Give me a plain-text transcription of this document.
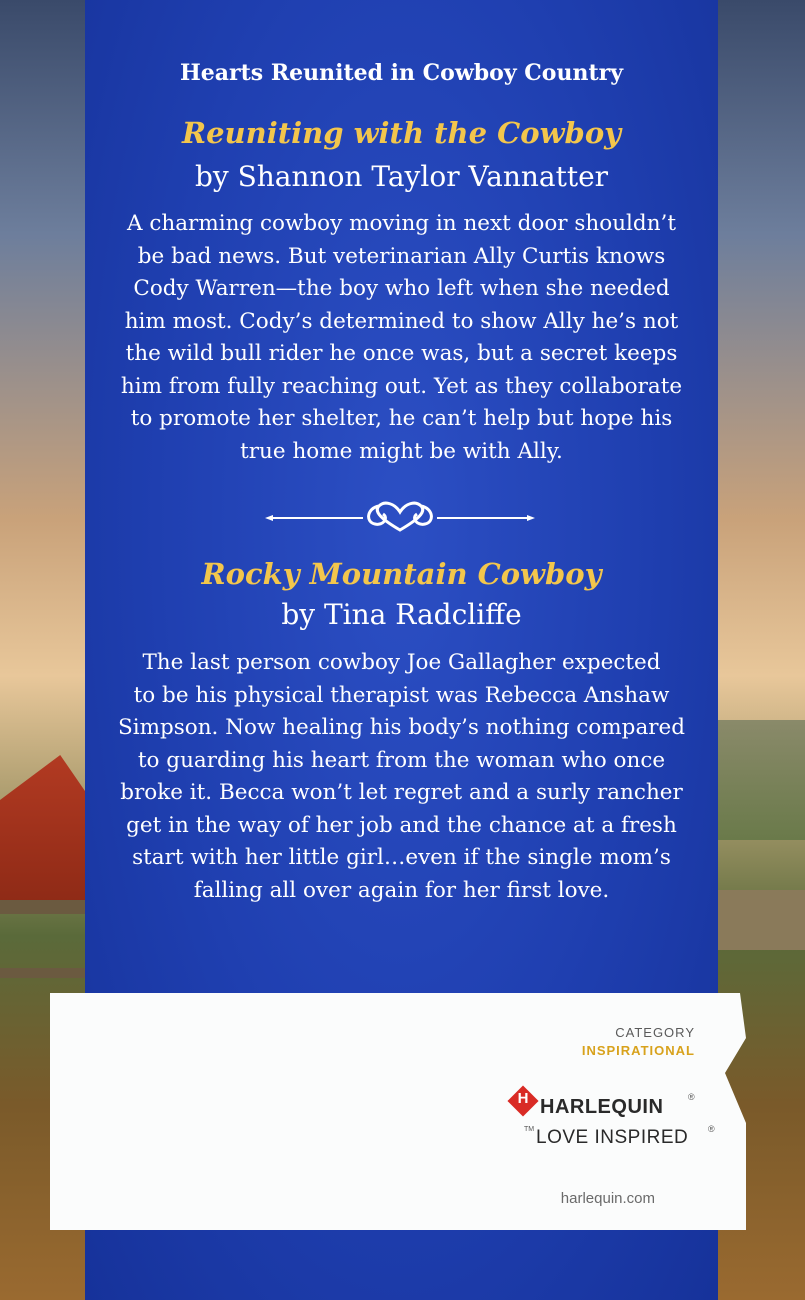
Hearts Reunited in Cowboy Country
Reuniting with the Cowboy
by Shannon Taylor Vannatter
A charming cowboy moving in next door shouldn’t
be bad news. But veterinarian Ally Curtis knows
Cody Warren—the boy who left when she needed
him most. Cody’s determined to show Ally he’s not
the wild bull rider he once was, but a secret keeps
him from fully reaching out. Yet as they collaborate
to promote her shelter, he can’t help but hope his
true home might be with Ally.
Rocky Mountain Cowboy
by Tina Radcliffe
The last person cowboy Joe Gallagher expected
to be his physical therapist was Rebecca Anshaw
Simpson. Now healing his body’s nothing compared
to guarding his heart from the woman who once
broke it. Becca won’t let regret and a surly rancher
get in the way of her job and the chance at a fresh
start with her little girl…even if the single mom’s
falling all over again for her first love.
CATEGORY
INSPIRATIONAL
H HARLEQUIN	®
TM LOVE INSPIRED ®
harlequin.com
